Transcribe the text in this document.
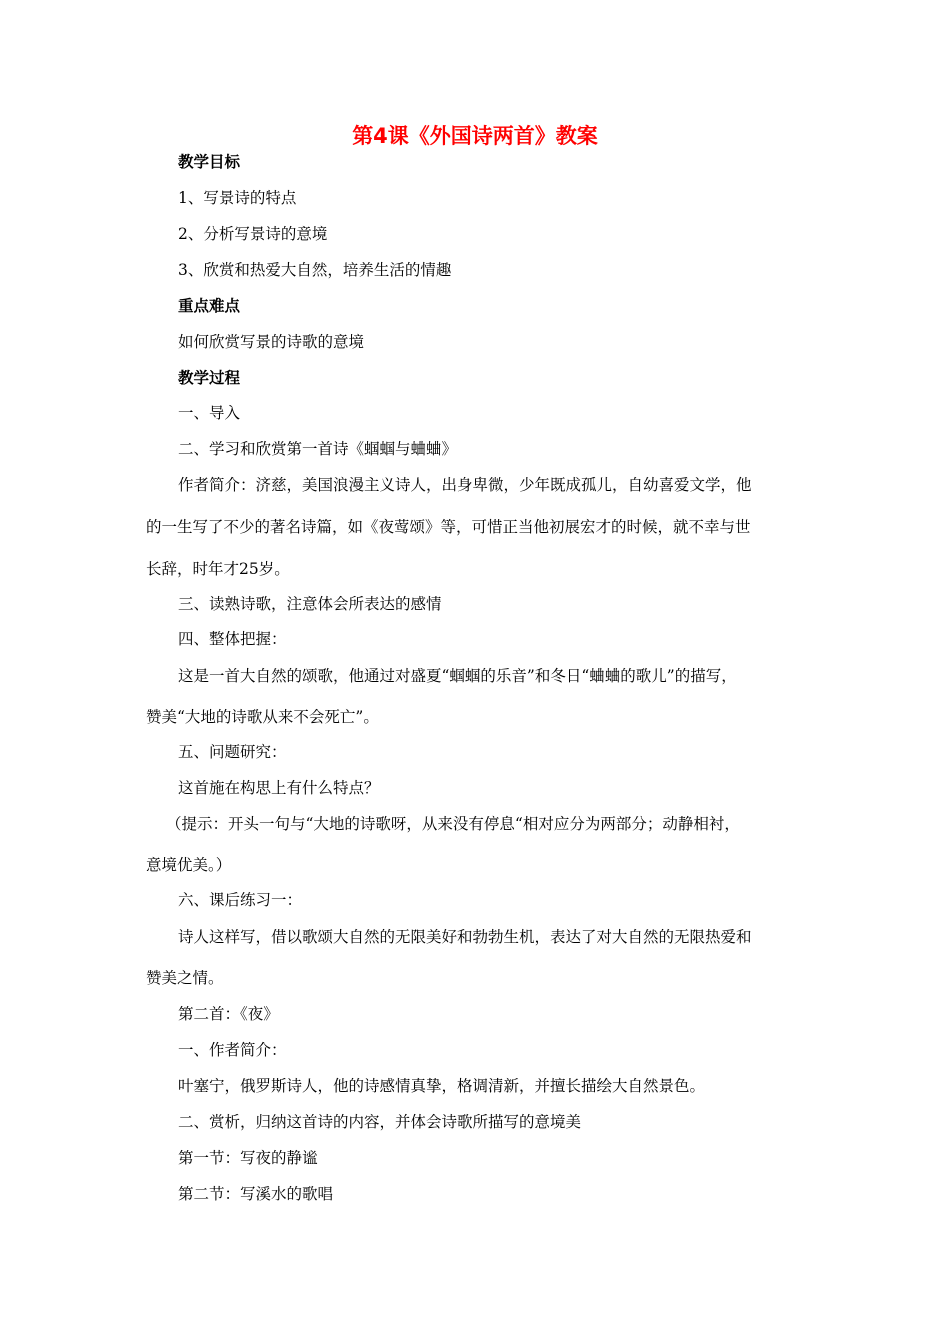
第4课《外国诗两首》教案
教学目标
1、写景诗的特点
2、分析写景诗的意境
3、欣赏和热爱大自然，培养生活的情趣
重点难点
如何欣赏写景的诗歌的意境
教学过程
一、导入
二、学习和欣赏第一首诗《蝈蝈与蛐蛐》
作者简介：济慈，美国浪漫主义诗人，出身卑微，少年既成孤儿，自幼喜爱文学，他
的一生写了不少的著名诗篇，如《夜莺颂》等，可惜正当他初展宏才的时候，就不幸与世
长辞，时年才25岁。
三、读熟诗歌，注意体会所表达的感情
四、整体把握：
这是一首大自然的颂歌，他通过对盛夏“蝈蝈的乐音”和冬日“蛐蛐的歌儿”的描写，
赞美“大地的诗歌从来不会死亡”。
五、问题研究：
这首施在构思上有什么特点？
（提示：开头一句与“大地的诗歌呀，从来没有停息“相对应分为两部分；动静相衬，
意境优美。）
六、课后练习一：
诗人这样写，借以歌颂大自然的无限美好和勃勃生机，表达了对大自然的无限热爱和
赞美之情。
第二首：《夜》
一、作者简介：
叶塞宁，俄罗斯诗人，他的诗感情真挚，格调清新，并擅长描绘大自然景色。
二、赏析，归纳这首诗的内容，并体会诗歌所描写的意境美
第一节：写夜的静谧
第二节：写溪水的歌唱
